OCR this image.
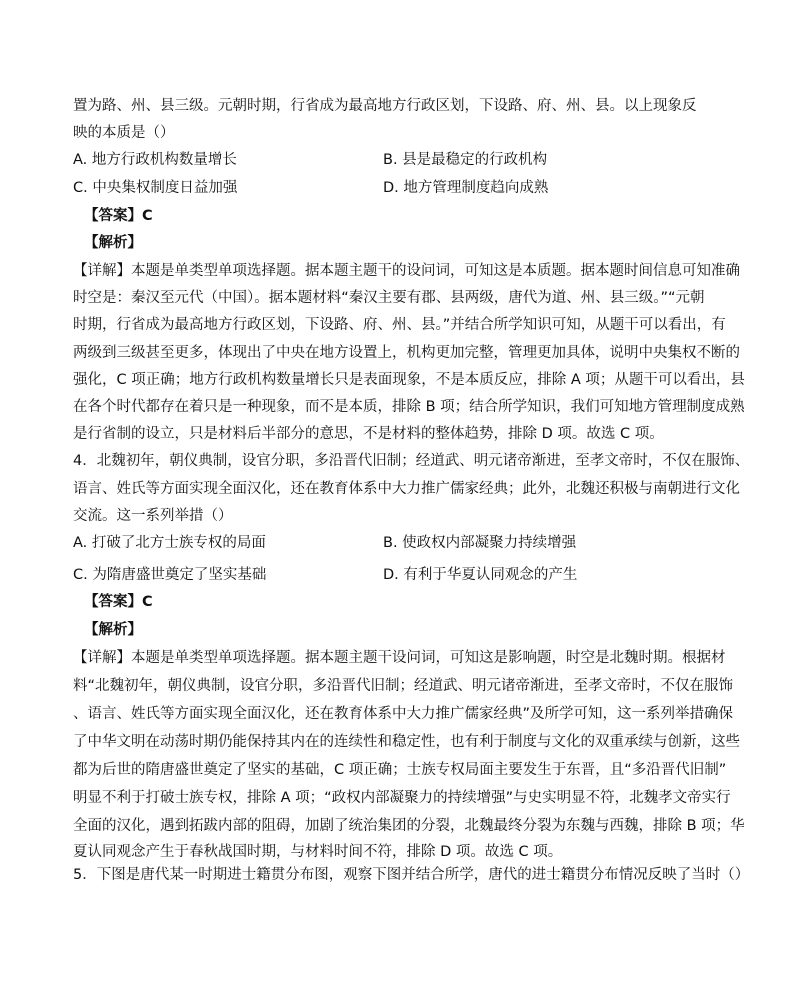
置为路、州、县三级。元朝时期，行省成为最高地方行政区划，下设路、府、州、县。以上现象反
映的本质是（）
A. 地方行政机构数量增长	B. 县是最稳定的行政机构
C. 中央集权制度日益加强	D. 地方管理制度趋向成熟
【答案】C
【解析】
【详解】本题是单类型单项选择题。据本题主题干的设问词，可知这是本质题。据本题时间信息可知准确
时空是：秦汉至元代（中国）。据本题材料“秦汉主要有郡、县两级，唐代为道、州、县三级。”“元朝
时期，行省成为最高地方行政区划，下设路、府、州、县。”并结合所学知识可知，从题干可以看出，有
两级到三级甚至更多，体现出了中央在地方设置上，机构更加完整，管理更加具体，说明中央集权不断的
强化，C 项正确；地方行政机构数量增长只是表面现象，不是本质反应，排除 A 项；从题干可以看出，县
在各个时代都存在着只是一种现象，而不是本质，排除 B 项；结合所学知识，我们可知地方管理制度成熟
是行省制的设立，只是材料后半部分的意思，不是材料的整体趋势，排除 D 项。故选 C 项。
4．北魏初年，朝仪典制，设官分职，多沿晋代旧制；经道武、明元诸帝渐进，至孝文帝时，不仅在服饰、
语言、姓氏等方面实现全面汉化，还在教育体系中大力推广儒家经典；此外，北魏还积极与南朝进行文化
交流。这一系列举措（）
A. 打破了北方士族专权的局面	B. 使政权内部凝聚力持续增强
C. 为隋唐盛世奠定了坚实基础	D. 有利于华夏认同观念的产生
【答案】C
【解析】
【详解】本题是单类型单项选择题。据本题主题干设问词，可知这是影响题，时空是北魏时期。根据材
料“北魏初年，朝仪典制，设官分职，多沿晋代旧制；经道武、明元诸帝渐进，至孝文帝时，不仅在服饰
、语言、姓氏等方面实现全面汉化，还在教育体系中大力推广儒家经典”及所学可知，这一系列举措确保
了中华文明在动荡时期仍能保持其内在的连续性和稳定性，也有利于制度与文化的双重承续与创新，这些
都为后世的隋唐盛世奠定了坚实的基础，C 项正确；士族专权局面主要发生于东晋，且“多沿晋代旧制”
明显不利于打破士族专权，排除 A 项；“政权内部凝聚力的持续增强”与史实明显不符，北魏孝文帝实行
全面的汉化，遇到拓跋内部的阻碍，加剧了统治集团的分裂，北魏最终分裂为东魏与西魏，排除 B 项；华
夏认同观念产生于春秋战国时期，与材料时间不符，排除 D 项。故选 C 项。
5．下图是唐代某一时期进士籍贯分布图，观察下图并结合所学，唐代的进士籍贯分布情况反映了当时（）
